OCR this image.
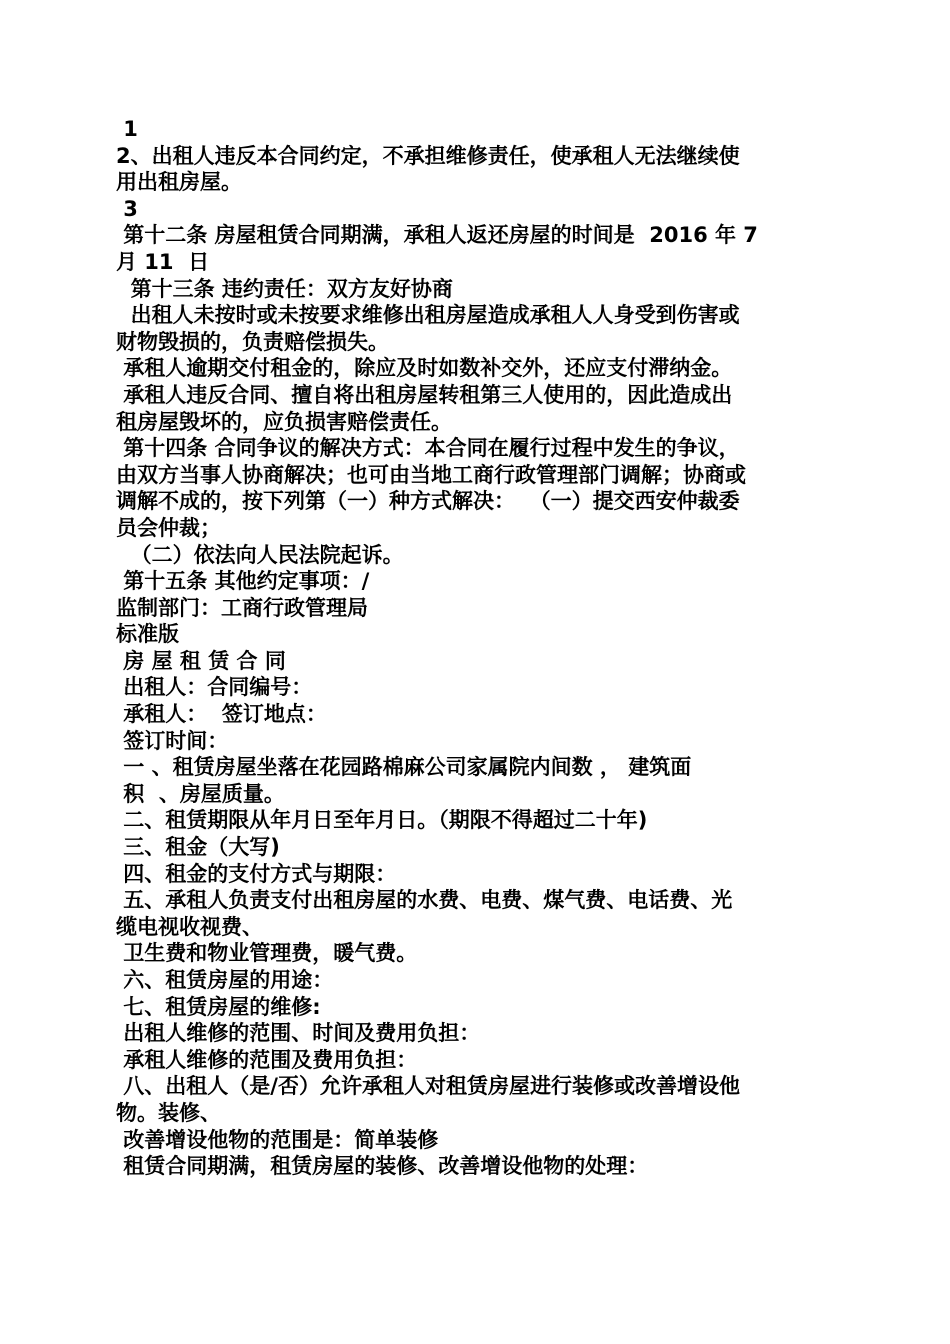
1
2、出租人违反本合同约定，不承担维修责任，使承租人无法继续使
用出租房屋。
3
第十二条 房屋租赁合同期满，承租人返还房屋的时间是  2016 年 7
月 11  日
第十三条 违约责任：双方友好协商
出租人未按时或未按要求维修出租房屋造成承租人人身受到伤害或
财物毁损的，负责赔偿损失。
承租人逾期交付租金的，除应及时如数补交外，还应支付滞纳金。
承租人违反合同、擅自将出租房屋转租第三人使用的，因此造成出
租房屋毁坏的，应负损害赔偿责任。
第十四条 合同争议的解决方式：本合同在履行过程中发生的争议，
由双方当事人协商解决；也可由当地工商行政管理部门调解；协商或
调解不成的，按下列第（一）种方式解决：  （一）提交西安仲裁委
员会仲裁；
（二）依法向人民法院起诉。
第十五条 其他约定事项：/
监制部门：工商行政管理局
标准版
房 屋 租 赁 合 同
出租人：合同编号：
承租人：  签订地点：
签订时间：
一 、租赁房屋坐落在花园路棉麻公司家属院内间数 ， 建筑面
积  、房屋质量。
二、租赁期限从年月日至年月日。（期限不得超过二十年)
三、租金（大写)
四、租金的支付方式与期限：
五、承租人负责支付出租房屋的水费、电费、煤气费、电话费、光
缆电视收视费、
卫生费和物业管理费，暖气费。
六、租赁房屋的用途：
七、租赁房屋的维修:
出租人维修的范围、时间及费用负担：
承租人维修的范围及费用负担：
八、出租人（是/否）允许承租人对租赁房屋进行装修或改善增设他
物。装修、
改善增设他物的范围是：简单装修
租赁合同期满，租赁房屋的装修、改善增设他物的处理：
